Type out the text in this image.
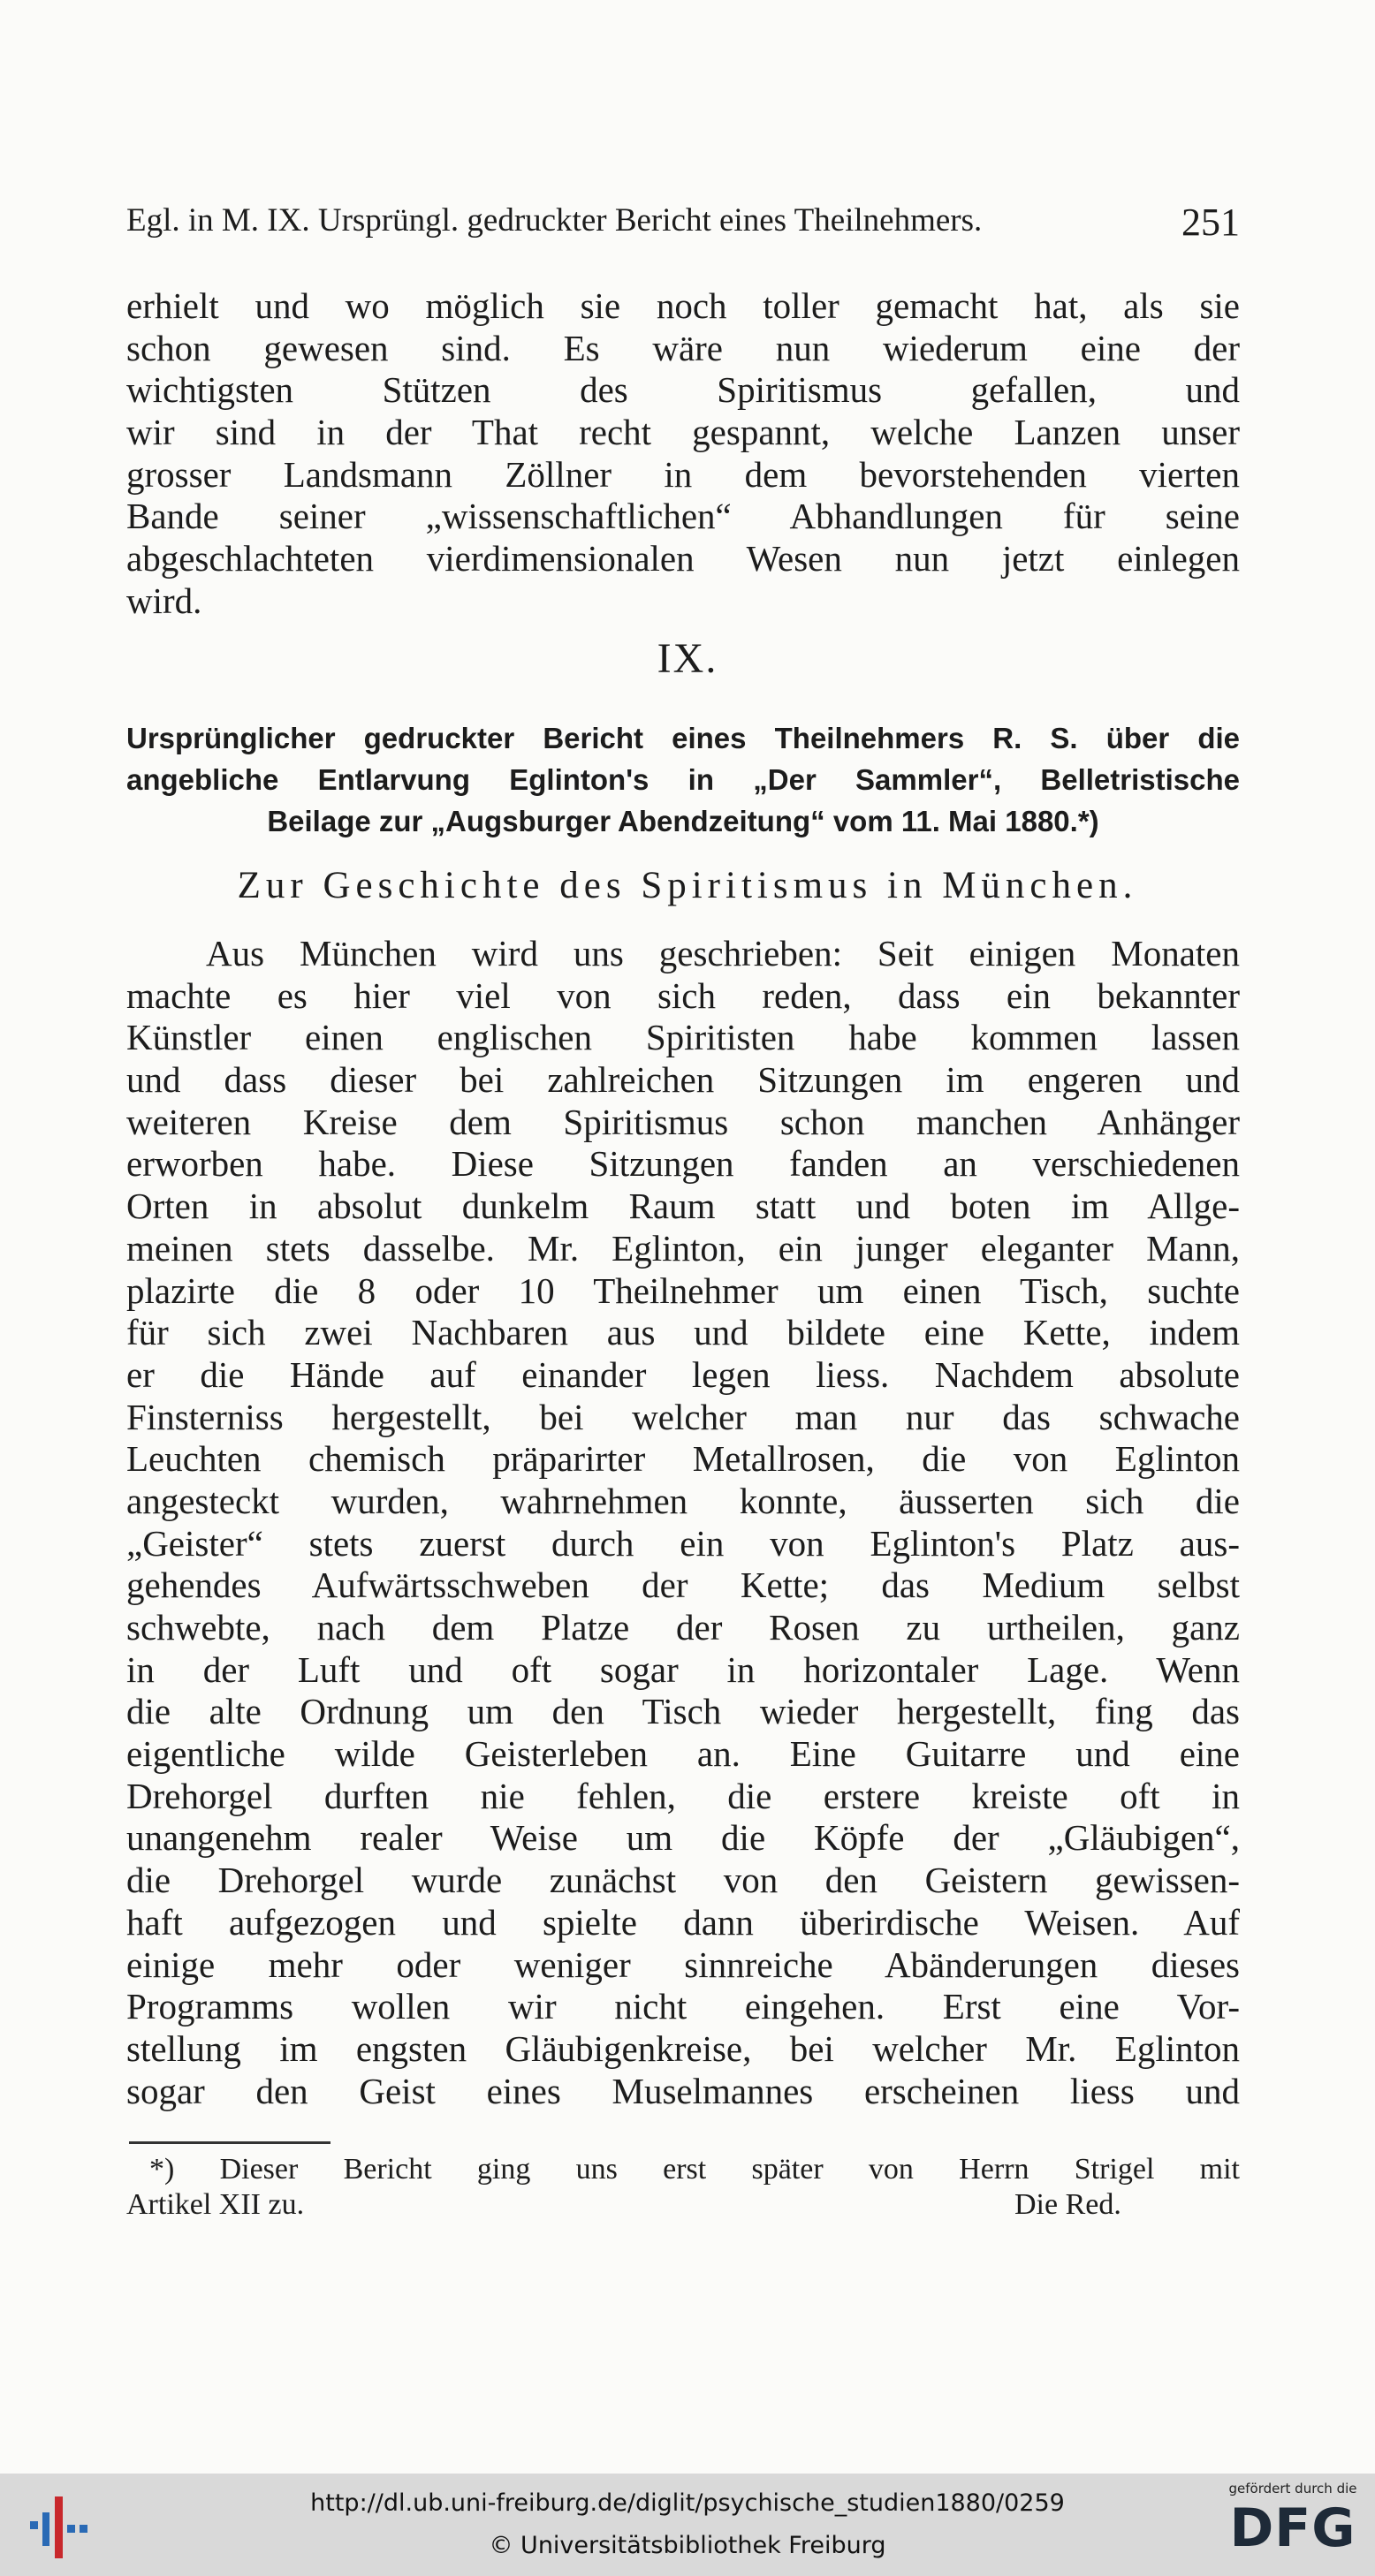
Egl. in M. IX. Ursprüngl. gedruckter Bericht eines Theilnehmers.	251
erhielt und wo möglich sie noch toller gemacht hat, als sie
schon gewesen sind. Es wäre nun wiederum eine der
wichtigsten Stützen des Spiritismus gefallen, und
wir sind in der That recht gespannt, welche Lanzen unser
grosser Landsmann Zöllner in dem bevorstehenden vierten
Bande seiner „wissenschaftlichen“ Abhandlungen für seine
abgeschlachteten vierdimensionalen Wesen nun jetzt einlegen
wird.
IX.
Ursprünglicher gedruckter Bericht eines Theilnehmers R. S. über die
angebliche Entlarvung Eglinton's in „Der Sammler“, Belletristische
Beilage zur „Augsburger Abendzeitung“ vom 11. Mai 1880.*)
Zur Geschichte des Spiritismus in München.
Aus München wird uns geschrieben: Seit einigen Monaten
machte es hier viel von sich reden, dass ein bekannter
Künstler einen englischen Spiritisten habe kommen lassen
und dass dieser bei zahlreichen Sitzungen im engeren und
weiteren Kreise dem Spiritismus schon manchen Anhänger
erworben habe. Diese Sitzungen fanden an verschiedenen
Orten in absolut dunkelm Raum statt und boten im Allge-
meinen stets dasselbe. Mr. Eglinton, ein junger eleganter Mann,
plazirte die 8 oder 10 Theilnehmer um einen Tisch, suchte
für sich zwei Nachbaren aus und bildete eine Kette, indem
er die Hände auf einander legen liess. Nachdem absolute
Finsterniss hergestellt, bei welcher man nur das schwache
Leuchten chemisch präparirter Metallrosen, die von Eglinton
angesteckt wurden, wahrnehmen konnte, äusserten sich die
„Geister“ stets zuerst durch ein von Eglinton's Platz aus-
gehendes Aufwärtsschweben der Kette; das Medium selbst
schwebte, nach dem Platze der Rosen zu urtheilen, ganz
in der Luft und oft sogar in horizontaler Lage. Wenn
die alte Ordnung um den Tisch wieder hergestellt, fing das
eigentliche wilde Geisterleben an. Eine Guitarre und eine
Drehorgel durften nie fehlen, die erstere kreiste oft in
unangenehm realer Weise um die Köpfe der „Gläubigen“,
die Drehorgel wurde zunächst von den Geistern gewissen-
haft aufgezogen und spielte dann überirdische Weisen. Auf
einige mehr oder weniger sinnreiche Abänderungen dieses
Programms wollen wir nicht eingehen. Erst eine Vor-
stellung im engsten Gläubigenkreise, bei welcher Mr. Eglinton
sogar den Geist eines Muselmannes erscheinen liess und
*) Dieser Bericht ging uns erst später von Herrn Strigel mit
Artikel XII zu.	Die Red.
http://dl.ub.uni-freiburg.de/diglit/psychische_studien1880/0259
© Universitätsbibliothek Freiburg
gefördert durch die
DFG
